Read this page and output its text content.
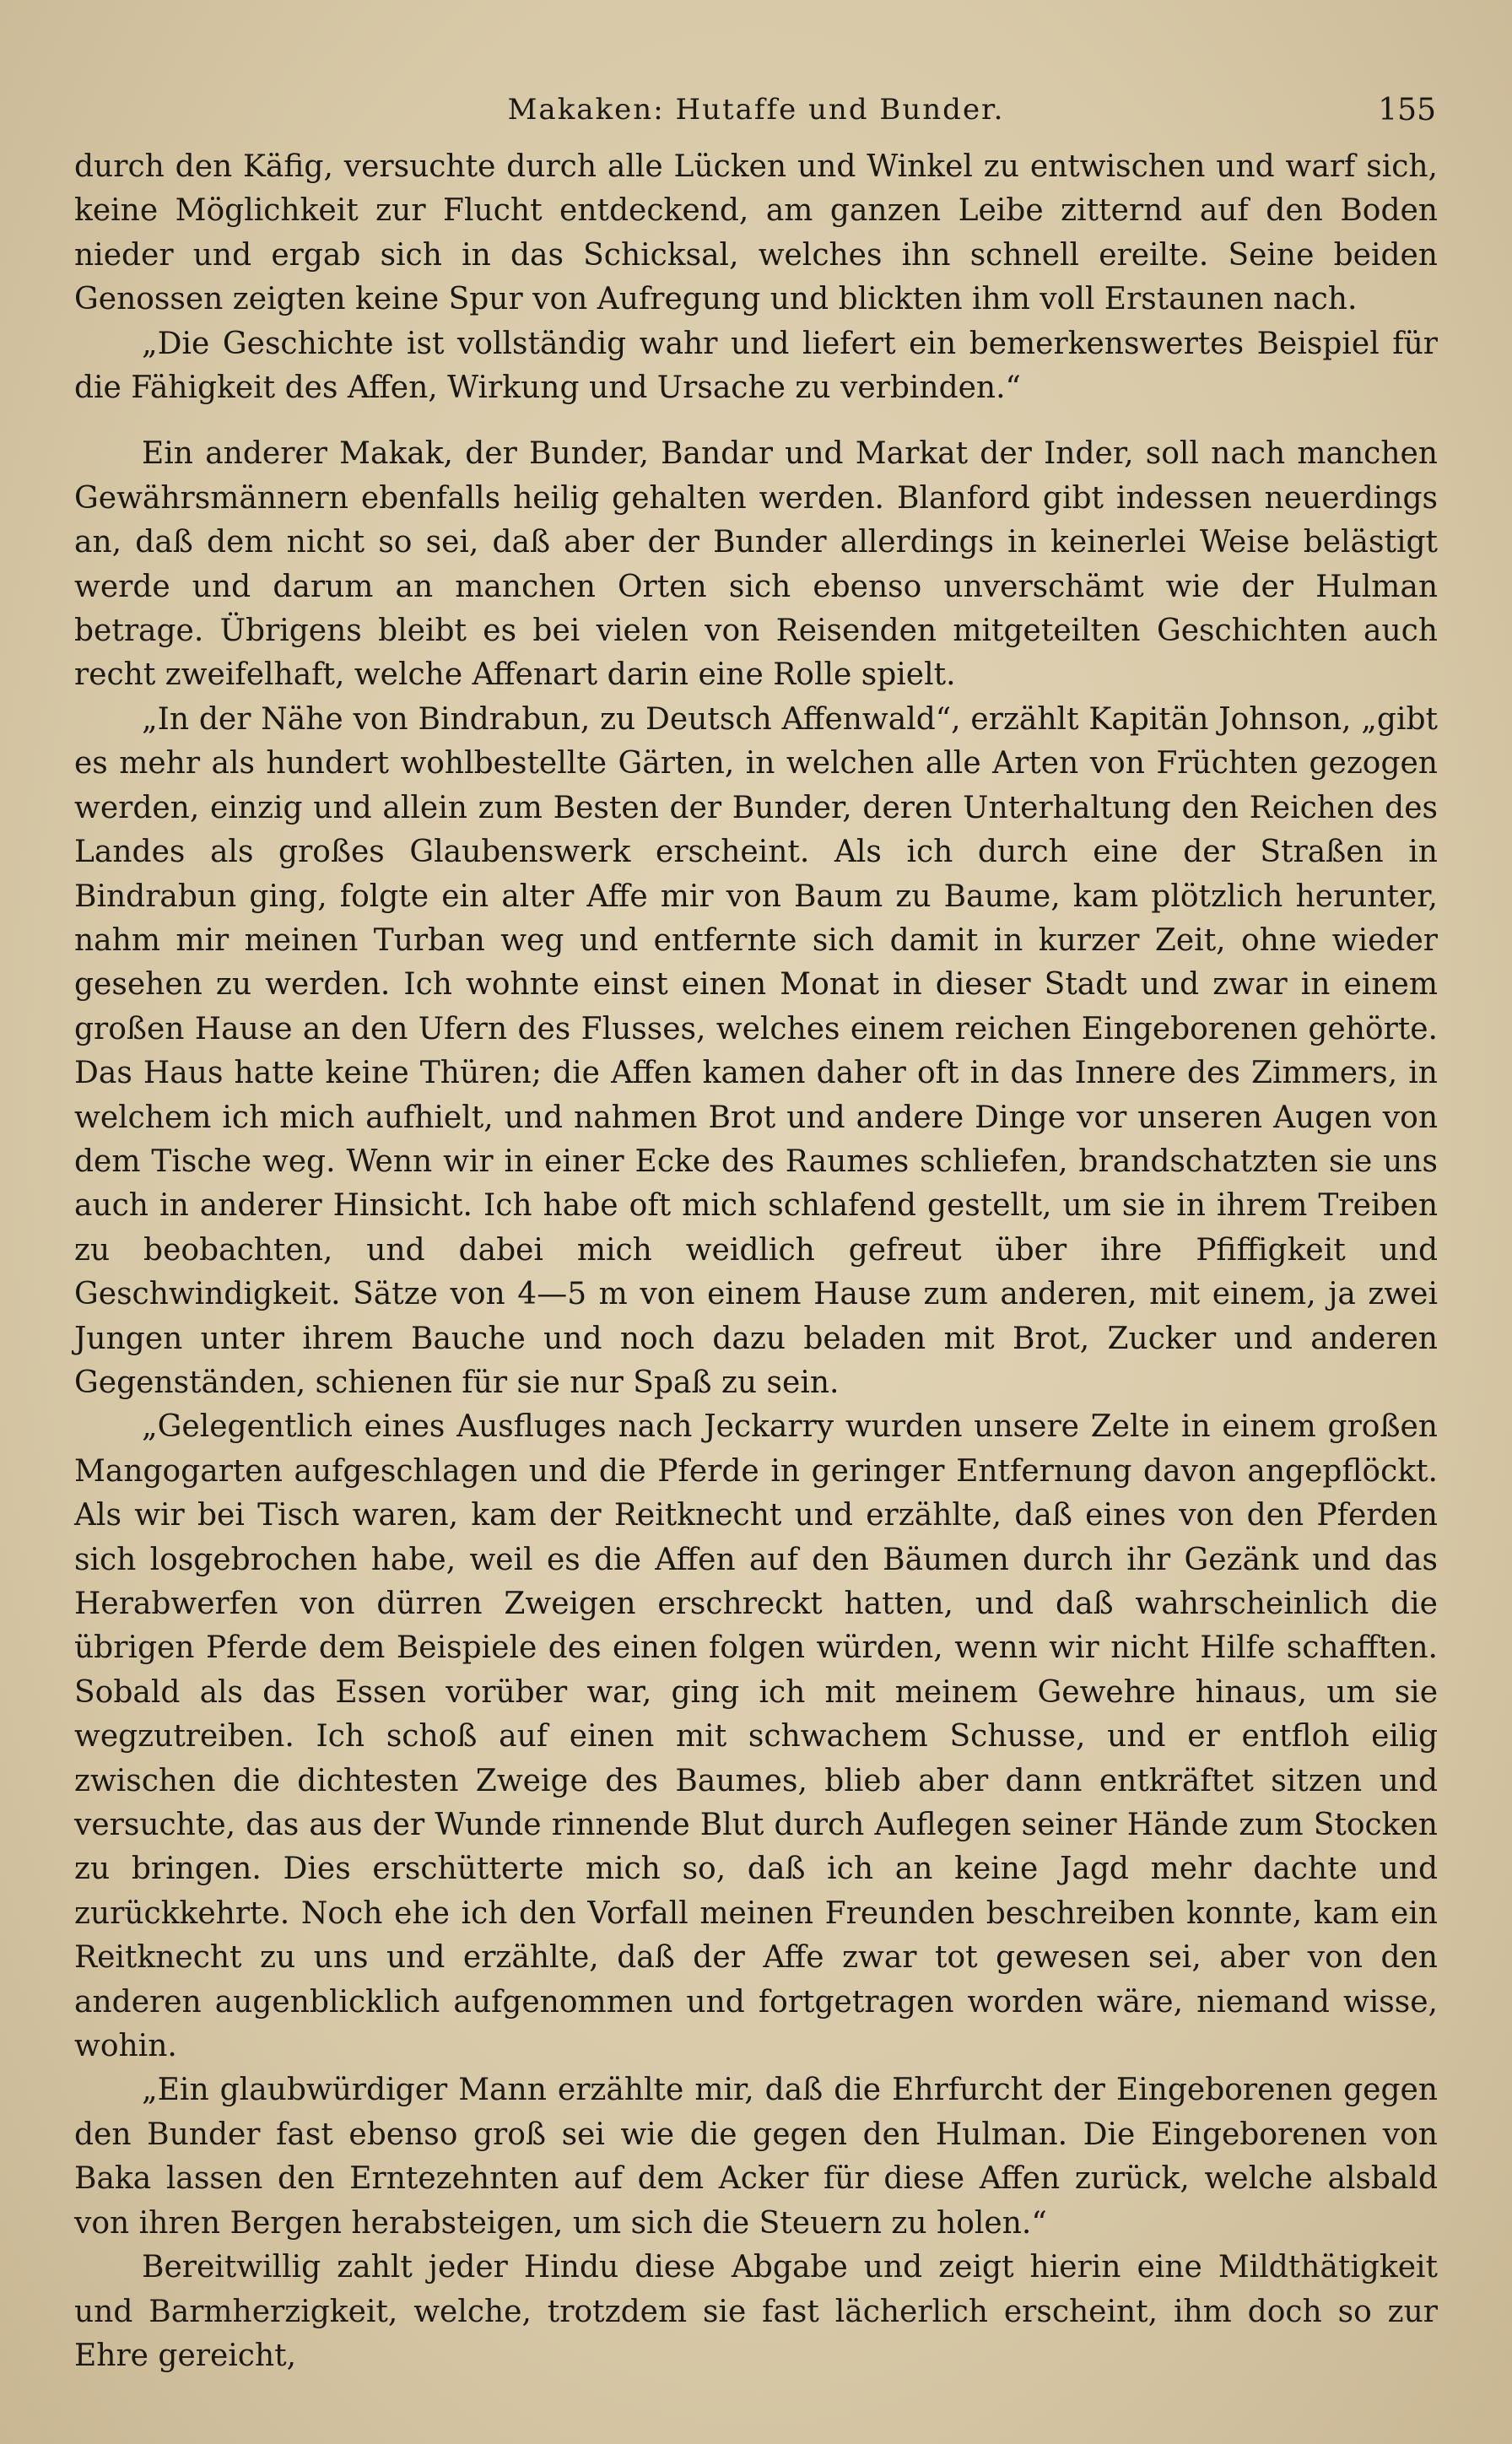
Makaken: Hutaffe und Bunder.	155

durch den Käfig, versuchte durch alle Lücken und Winkel zu entwischen und warf sich, keine Möglichkeit zur Flucht entdeckend, am ganzen Leibe zitternd auf den Boden nieder und ergab sich in das Schicksal, welches ihn schnell ereilte. Seine beiden Genossen zeigten keine Spur von Aufregung und blickten ihm voll Erstaunen nach.

„Die Geschichte ist vollständig wahr und liefert ein bemerkenswertes Beispiel für die Fähigkeit des Affen, Wirkung und Ursache zu verbinden.“

Ein anderer Makak, der Bunder, Bandar und Markat der Inder, soll nach manchen Gewährsmännern ebenfalls heilig gehalten werden. Blanford gibt indessen neuerdings an, daß dem nicht so sei, daß aber der Bunder allerdings in keinerlei Weise belästigt werde und darum an manchen Orten sich ebenso unverschämt wie der Hulman betrage. Übrigens bleibt es bei vielen von Reisenden mitgeteilten Geschichten auch recht zweifelhaft, welche Affenart darin eine Rolle spielt.

„In der Nähe von Bindrabun, zu Deutsch Affenwald“, erzählt Kapitän Johnson, „gibt es mehr als hundert wohlbestellte Gärten, in welchen alle Arten von Früchten gezogen werden, einzig und allein zum Besten der Bunder, deren Unterhaltung den Reichen des Landes als großes Glaubenswerk erscheint. Als ich durch eine der Straßen in Bindrabun ging, folgte ein alter Affe mir von Baum zu Baume, kam plötzlich herunter, nahm mir meinen Turban weg und entfernte sich damit in kurzer Zeit, ohne wieder gesehen zu werden. Ich wohnte einst einen Monat in dieser Stadt und zwar in einem großen Hause an den Ufern des Flusses, welches einem reichen Eingeborenen gehörte. Das Haus hatte keine Thüren; die Affen kamen daher oft in das Innere des Zimmers, in welchem ich mich aufhielt, und nahmen Brot und andere Dinge vor unseren Augen von dem Tische weg. Wenn wir in einer Ecke des Raumes schliefen, brandschatzten sie uns auch in anderer Hinsicht. Ich habe oft mich schlafend gestellt, um sie in ihrem Treiben zu beobachten, und dabei mich weidlich gefreut über ihre Pfiffigkeit und Geschwindigkeit. Sätze von 4—5 m von einem Hause zum anderen, mit einem, ja zwei Jungen unter ihrem Bauche und noch dazu beladen mit Brot, Zucker und anderen Gegenständen, schienen für sie nur Spaß zu sein.

„Gelegentlich eines Ausfluges nach Jeckarry wurden unsere Zelte in einem großen Mangogarten aufgeschlagen und die Pferde in geringer Entfernung davon angepflöckt. Als wir bei Tisch waren, kam der Reitknecht und erzählte, daß eines von den Pferden sich losgebrochen habe, weil es die Affen auf den Bäumen durch ihr Gezänk und das Herabwerfen von dürren Zweigen erschreckt hatten, und daß wahrscheinlich die übrigen Pferde dem Beispiele des einen folgen würden, wenn wir nicht Hilfe schafften. Sobald als das Essen vorüber war, ging ich mit meinem Gewehre hinaus, um sie wegzutreiben. Ich schoß auf einen mit schwachem Schusse, und er entfloh eilig zwischen die dichtesten Zweige des Baumes, blieb aber dann entkräftet sitzen und versuchte, das aus der Wunde rinnende Blut durch Auflegen seiner Hände zum Stocken zu bringen. Dies erschütterte mich so, daß ich an keine Jagd mehr dachte und zurückkehrte. Noch ehe ich den Vorfall meinen Freunden beschreiben konnte, kam ein Reitknecht zu uns und erzählte, daß der Affe zwar tot gewesen sei, aber von den anderen augenblicklich aufgenommen und fortgetragen worden wäre, niemand wisse, wohin.

„Ein glaubwürdiger Mann erzählte mir, daß die Ehrfurcht der Eingeborenen gegen den Bunder fast ebenso groß sei wie die gegen den Hulman. Die Eingeborenen von Baka lassen den Erntezehnten auf dem Acker für diese Affen zurück, welche alsbald von ihren Bergen herabsteigen, um sich die Steuern zu holen.“

Bereitwillig zahlt jeder Hindu diese Abgabe und zeigt hierin eine Mildthätigkeit und Barmherzigkeit, welche, trotzdem sie fast lächerlich erscheint, ihm doch so zur Ehre gereicht,
